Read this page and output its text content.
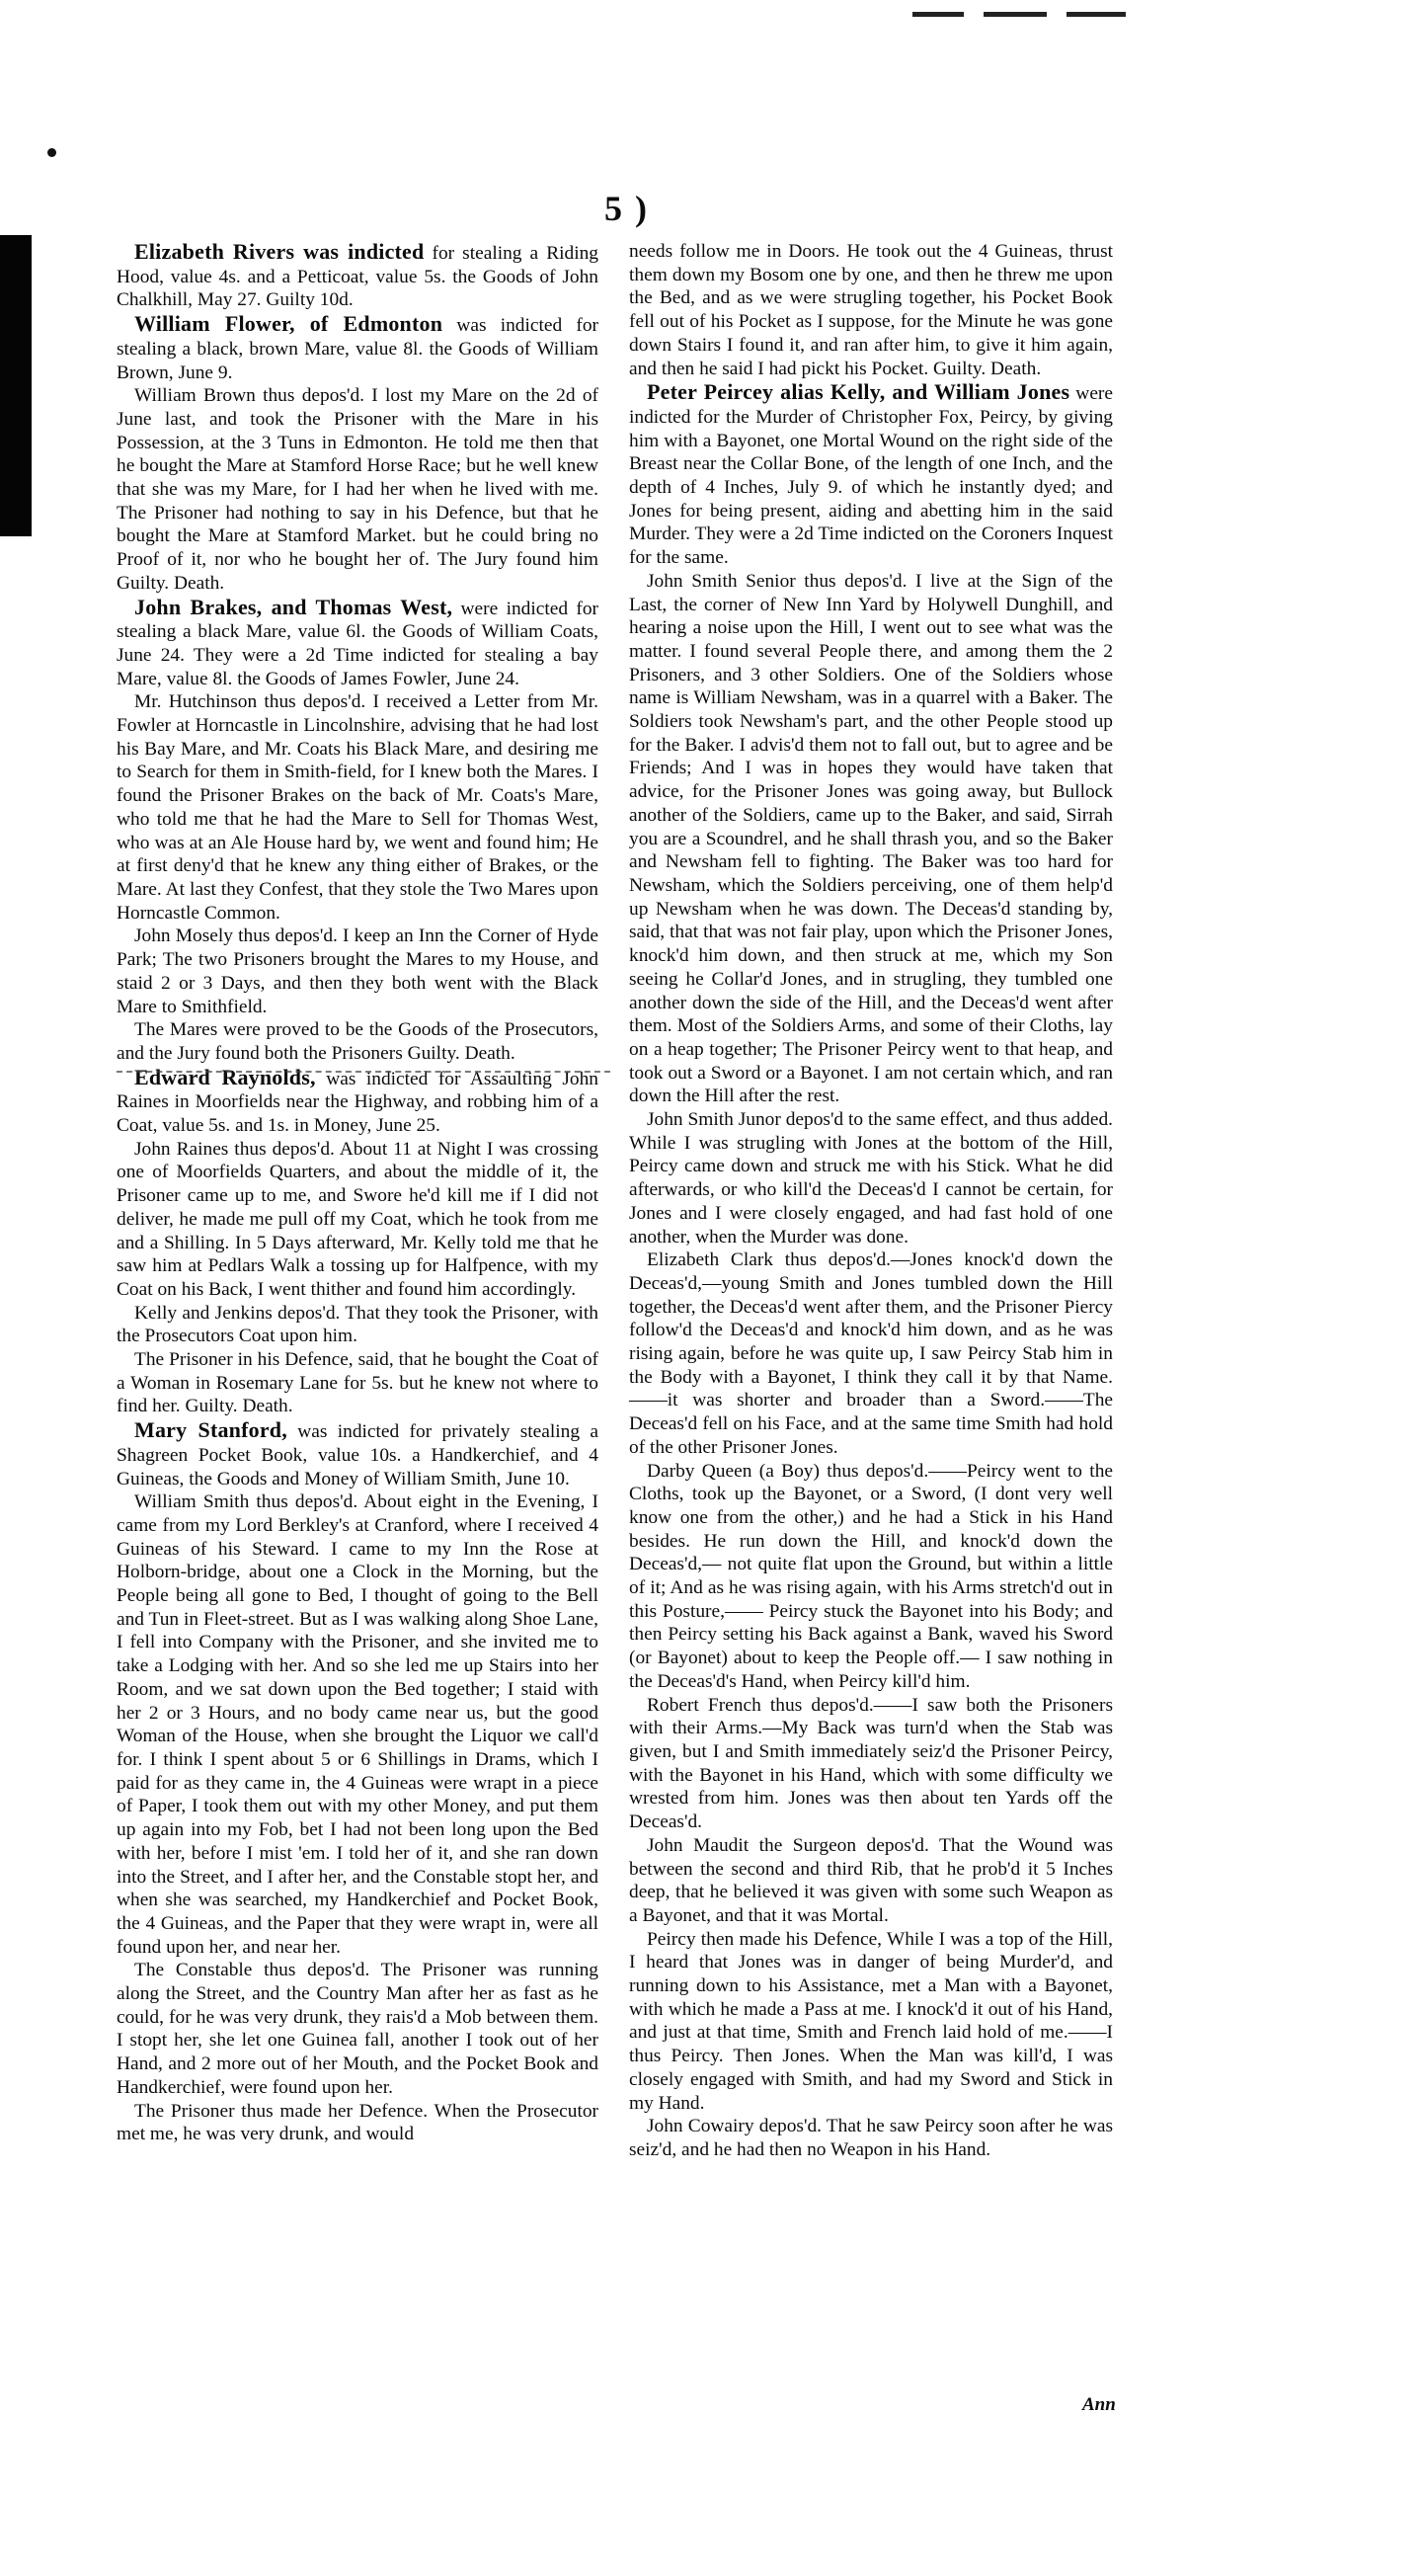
5 )

Elizabeth Rivers was indicted for stealing a Riding Hood, value 4s. and a Petticoat, value 5s. the Goods of John Chalkhill, May 27. Guilty 10d.

William Flower, of Edmonton was indicted for stealing a black, brown Mare, value 8l. the Goods of William Brown, June 9.

William Brown thus depos'd. I lost my Mare on the 2d of June last, and took the Prisoner with the Mare in his Possession, at the 3 Tuns in Edmonton. He told me then that he bought the Mare at Stamford Horse Race; but he well knew that she was my Mare, for I had her when he lived with me. The Prisoner had nothing to say in his Defence, but that he bought the Mare at Stamford Market. but he could bring no Proof of it, nor who he bought her of. The Jury found him Guilty. Death.

John Brakes, and Thomas West, were indicted for stealing a black Mare, value 6l. the Goods of William Coats, June 24. They were a 2d Time indicted for stealing a bay Mare, value 8l. the Goods of James Fowler, June 24.

Mr. Hutchinson thus depos'd. I received a Letter from Mr. Fowler at Horncastle in Lincolnshire, advising that he had lost his Bay Mare, and Mr. Coats his Black Mare, and desiring me to Search for them in Smith-field, for I knew both the Mares. I found the Prisoner Brakes on the back of Mr. Coats's Mare, who told me that he had the Mare to Sell for Thomas West, who was at an Ale House hard by, we went and found him; He at first deny'd that he knew any thing either of Brakes, or the Mare. At last they Confest, that they stole the Two Mares upon Horncastle Common.

John Mosely thus depos'd. I keep an Inn the Corner of Hyde Park; The two Prisoners brought the Mares to my House, and staid 2 or 3 Days, and then they both went with the Black Mare to Smithfield.

The Mares were proved to be the Goods of the Prosecutors, and the Jury found both the Prisoners Guilty. Death.

Edward Raynolds, was indicted for Assaulting John Raines in Moorfields near the Highway, and robbing him of a Coat, value 5s. and 1s. in Money, June 25.

John Raines thus depos'd. About 11 at Night I was crossing one of Moorfields Quarters, and about the middle of it, the Prisoner came up to me, and Swore he'd kill me if I did not deliver, he made me pull off my Coat, which he took from me and a Shilling. In 5 Days afterward, Mr. Kelly told me that he saw him at Pedlars Walk a tossing up for Halfpence, with my Coat on his Back, I went thither and found him accordingly.

Kelly and Jenkins depos'd. That they took the Prisoner, with the Prosecutors Coat upon him.

The Prisoner in his Defence, said, that he bought the Coat of a Woman in Rosemary Lane for 5s. but he knew not where to find her. Guilty. Death.

Mary Stanford, was indicted for privately stealing a Shagreen Pocket Book, value 10s. a Handkerchief, and 4 Guineas, the Goods and Money of William Smith, June 10.

William Smith thus depos'd. About eight in the Evening, I came from my Lord Berkley's at Cranford, where I received 4 Guineas of his Steward. I came to my Inn the Rose at Holborn-bridge, about one a Clock in the Morning, but the People being all gone to Bed, I thought of going to the Bell and Tun in Fleet-street. But as I was walking along Shoe Lane, I fell into Company with the Prisoner, and she invited me to take a Lodging with her. And so she led me up Stairs into her Room, and we sat down upon the Bed together; I staid with her 2 or 3 Hours, and no body came near us, but the good Woman of the House, when she brought the Liquor we call'd for. I think I spent about 5 or 6 Shillings in Drams, which I paid for as they came in, the 4 Guineas were wrapt in a piece of Paper, I took them out with my other Money, and put them up again into my Fob, bet I had not been long upon the Bed with her, before I mist 'em. I told her of it, and she ran down into the Street, and I after her, and the Constable stopt her, and when she was searched, my Handkerchief and Pocket Book, the 4 Guineas, and the Paper that they were wrapt in, were all found upon her, and near her.

The Constable thus depos'd. The Prisoner was running along the Street, and the Country Man after her as fast as he could, for he was very drunk, they rais'd a Mob between them. I stopt her, she let one Guinea fall, another I took out of her Hand, and 2 more out of her Mouth, and the Pocket Book and Handkerchief, were found upon her.

The Prisoner thus made her Defence. When the Prosecutor met me, he was very drunk, and would

needs follow me in Doors. He took out the 4 Guineas, thrust them down my Bosom one by one, and then he threw me upon the Bed, and as we were strugling together, his Pocket Book fell out of his Pocket as I suppose, for the Minute he was gone down Stairs I found it, and ran after him, to give it him again, and then he said I had pickt his Pocket. Guilty. Death.

Peter Peircey alias Kelly, and William Jones were indicted for the Murder of Christopher Fox, Peircy, by giving him with a Bayonet, one Mortal Wound on the right side of the Breast near the Collar Bone, of the length of one Inch, and the depth of 4 Inches, July 9. of which he instantly dyed; and Jones for being present, aiding and abetting him in the said Murder. They were a 2d Time indicted on the Coroners Inquest for the same.

John Smith Senior thus depos'd. I live at the Sign of the Last, the corner of New Inn Yard by Holywell Dunghill, and hearing a noise upon the Hill, I went out to see what was the matter. I found several People there, and among them the 2 Prisoners, and 3 other Soldiers. One of the Soldiers whose name is William Newsham, was in a quarrel with a Baker. The Soldiers took Newsham's part, and the other People stood up for the Baker. I advis'd them not to fall out, but to agree and be Friends; And I was in hopes they would have taken that advice, for the Prisoner Jones was going away, but Bullock another of the Soldiers, came up to the Baker, and said, Sirrah you are a Scoundrel, and he shall thrash you, and so the Baker and Newsham fell to fighting. The Baker was too hard for Newsham, which the Soldiers perceiving, one of them help'd up Newsham when he was down. The Deceas'd standing by, said, that that was not fair play, upon which the Prisoner Jones, knock'd him down, and then struck at me, which my Son seeing he Collar'd Jones, and in strugling, they tumbled one another down the side of the Hill, and the Deceas'd went after them. Most of the Soldiers Arms, and some of their Cloths, lay on a heap together; The Prisoner Peircy went to that heap, and took out a Sword or a Bayonet. I am not certain which, and ran down the Hill after the rest.

John Smith Junor depos'd to the same effect, and thus added. While I was strugling with Jones at the bottom of the Hill, Peircy came down and struck me with his Stick. What he did afterwards, or who kill'd the Deceas'd I cannot be certain, for Jones and I were closely engaged, and had fast hold of one another, when the Murder was done.

Elizabeth Clark thus depos'd.—Jones knock'd down the Deceas'd,—young Smith and Jones tumbled down the Hill together, the Deceas'd went after them, and the Prisoner Piercy follow'd the Deceas'd and knock'd him down, and as he was rising again, before he was quite up, I saw Peircy Stab him in the Body with a Bayonet, I think they call it by that Name.——it was shorter and broader than a Sword.——The Deceas'd fell on his Face, and at the same time Smith had hold of the other Prisoner Jones.

Darby Queen (a Boy) thus depos'd.——Peircy went to the Cloths, took up the Bayonet, or a Sword, (I dont very well know one from the other,) and he had a Stick in his Hand besides. He run down the Hill, and knock'd down the Deceas'd,— not quite flat upon the Ground, but within a little of it; And as he was rising again, with his Arms stretch'd out in this Posture,—— Peircy stuck the Bayonet into his Body; and then Peircy setting his Back against a Bank, waved his Sword (or Bayonet) about to keep the People off.— I saw nothing in the Deceas'd's Hand, when Peircy kill'd him.

Robert French thus depos'd.——I saw both the Prisoners with their Arms.—My Back was turn'd when the Stab was given, but I and Smith immediately seiz'd the Prisoner Peircy, with the Bayonet in his Hand, which with some difficulty we wrested from him. Jones was then about ten Yards off the Deceas'd.

John Maudit the Surgeon depos'd. That the Wound was between the second and third Rib, that he prob'd it 5 Inches deep, that he believed it was given with some such Weapon as a Bayonet, and that it was Mortal.

Peircy then made his Defence, While I was a top of the Hill, I heard that Jones was in danger of being Murder'd, and running down to his Assistance, met a Man with a Bayonet, with which he made a Pass at me. I knock'd it out of his Hand, and just at that time, Smith and French laid hold of me.——I thus Peircy. Then Jones. When the Man was kill'd, I was closely engaged with Smith, and had my Sword and Stick in my Hand.

John Cowairy depos'd. That he saw Peircy soon after he was seiz'd, and he had then no Weapon in his Hand.

Ann
